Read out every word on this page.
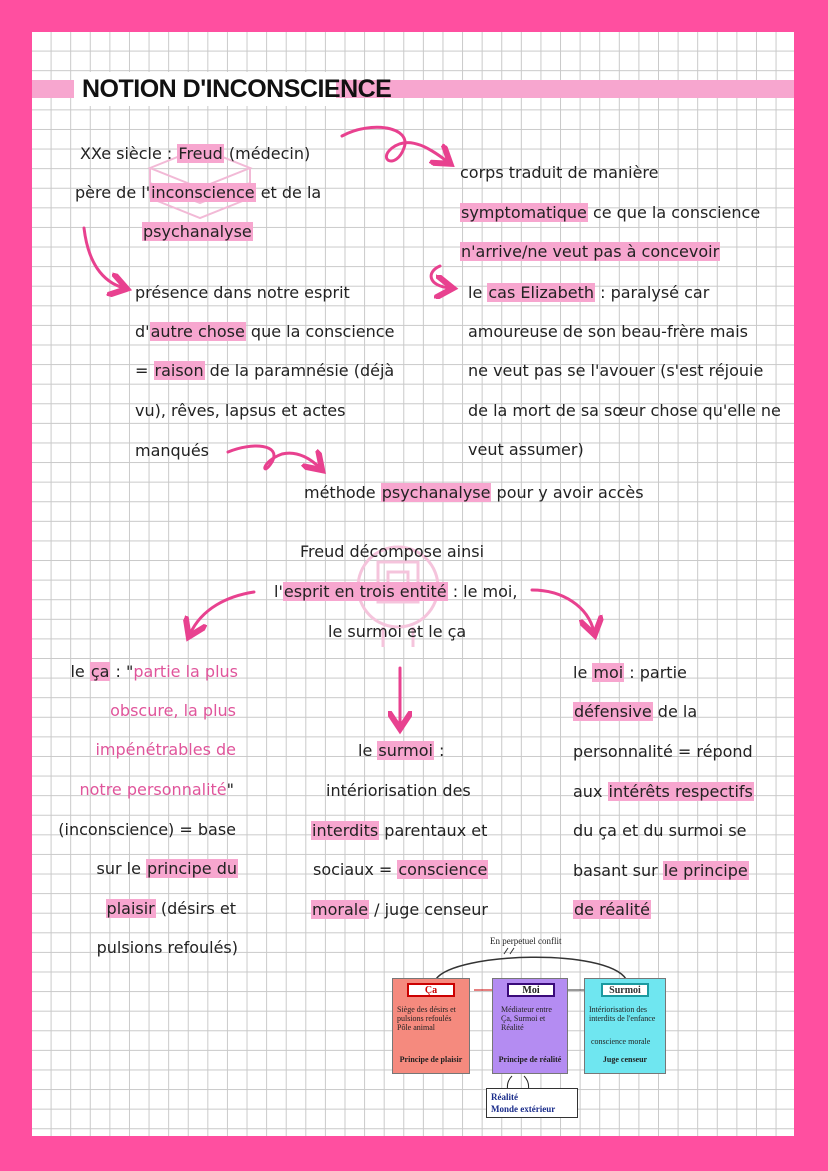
NOTION D'INCONSCIENCE
XXe siècle : Freud (médecin)
père de l'inconscience et de la
psychanalyse
corps traduit de manière
symptomatique ce que la conscience
n'arrive/ne veut pas à concevoir
présence dans notre esprit
d'autre chose que la conscience
= raison de la paramnésie (déjà
vu), rêves, lapsus et actes
manqués
le cas Elizabeth : paralysé car
amoureuse de son beau-frère mais
ne veut pas se l'avouer (s'est réjouie
de la mort de sa sœur chose qu'elle ne
veut assumer)
méthode psychanalyse pour y avoir accès
Freud décompose ainsi
l'esprit en trois entité : le moi,
le surmoi et le ça
le ça : "partie la plus
obscure, la plus
impénétrables de
notre personnalité"
(inconscience) = base
sur le principe du
plaisir (désirs et
pulsions refoulés)
le surmoi :
intériorisation des
interdits parentaux et
sociaux = conscience
morale / juge censeur
le moi : partie
défensive de la
personnalité = répond
aux intérêts respectifs
du ça et du surmoi se
basant sur le principe
de réalité
En perpetuel conflit
Ça
Siège des désirs et pulsions refoulés Pôle animal
Principe de plaisir
Moi
Médiateur entre Ça, Surmoi et Réalité
Principe de réalité
Surmoi
Intériorisation des interdits de l'enfance
conscience morale
Juge censeur
Réalité
Monde extérieur
